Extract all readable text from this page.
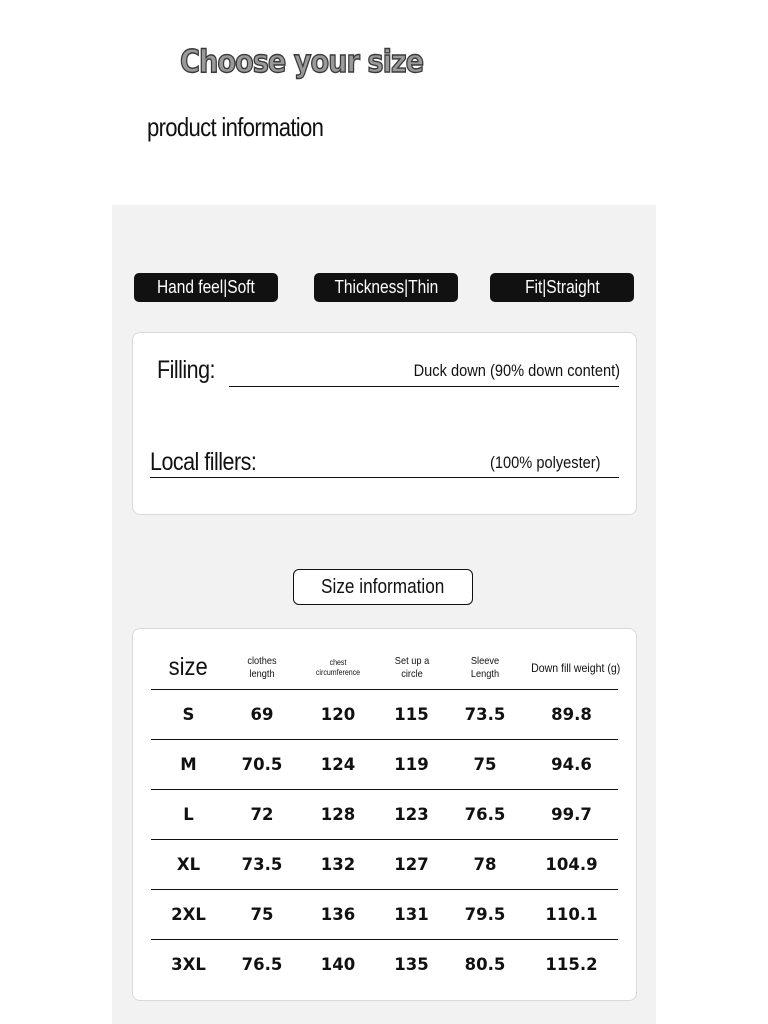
Choose your size
product information
Hand feel|Soft	Thickness|Thin	Fit|Straight
Filling:	Duck down (90% down content)
Local fillers:	(100% polyester)
Size information
size	clothes length	chest circumference	Set up a circle	Sleeve Length	Down fill weight (g)
S	69	120	115	73.5	89.8
M	70.5	124	119	75	94.6
L	72	128	123	76.5	99.7
XL	73.5	132	127	78	104.9
2XL	75	136	131	79.5	110.1
3XL	76.5	140	135	80.5	115.2
